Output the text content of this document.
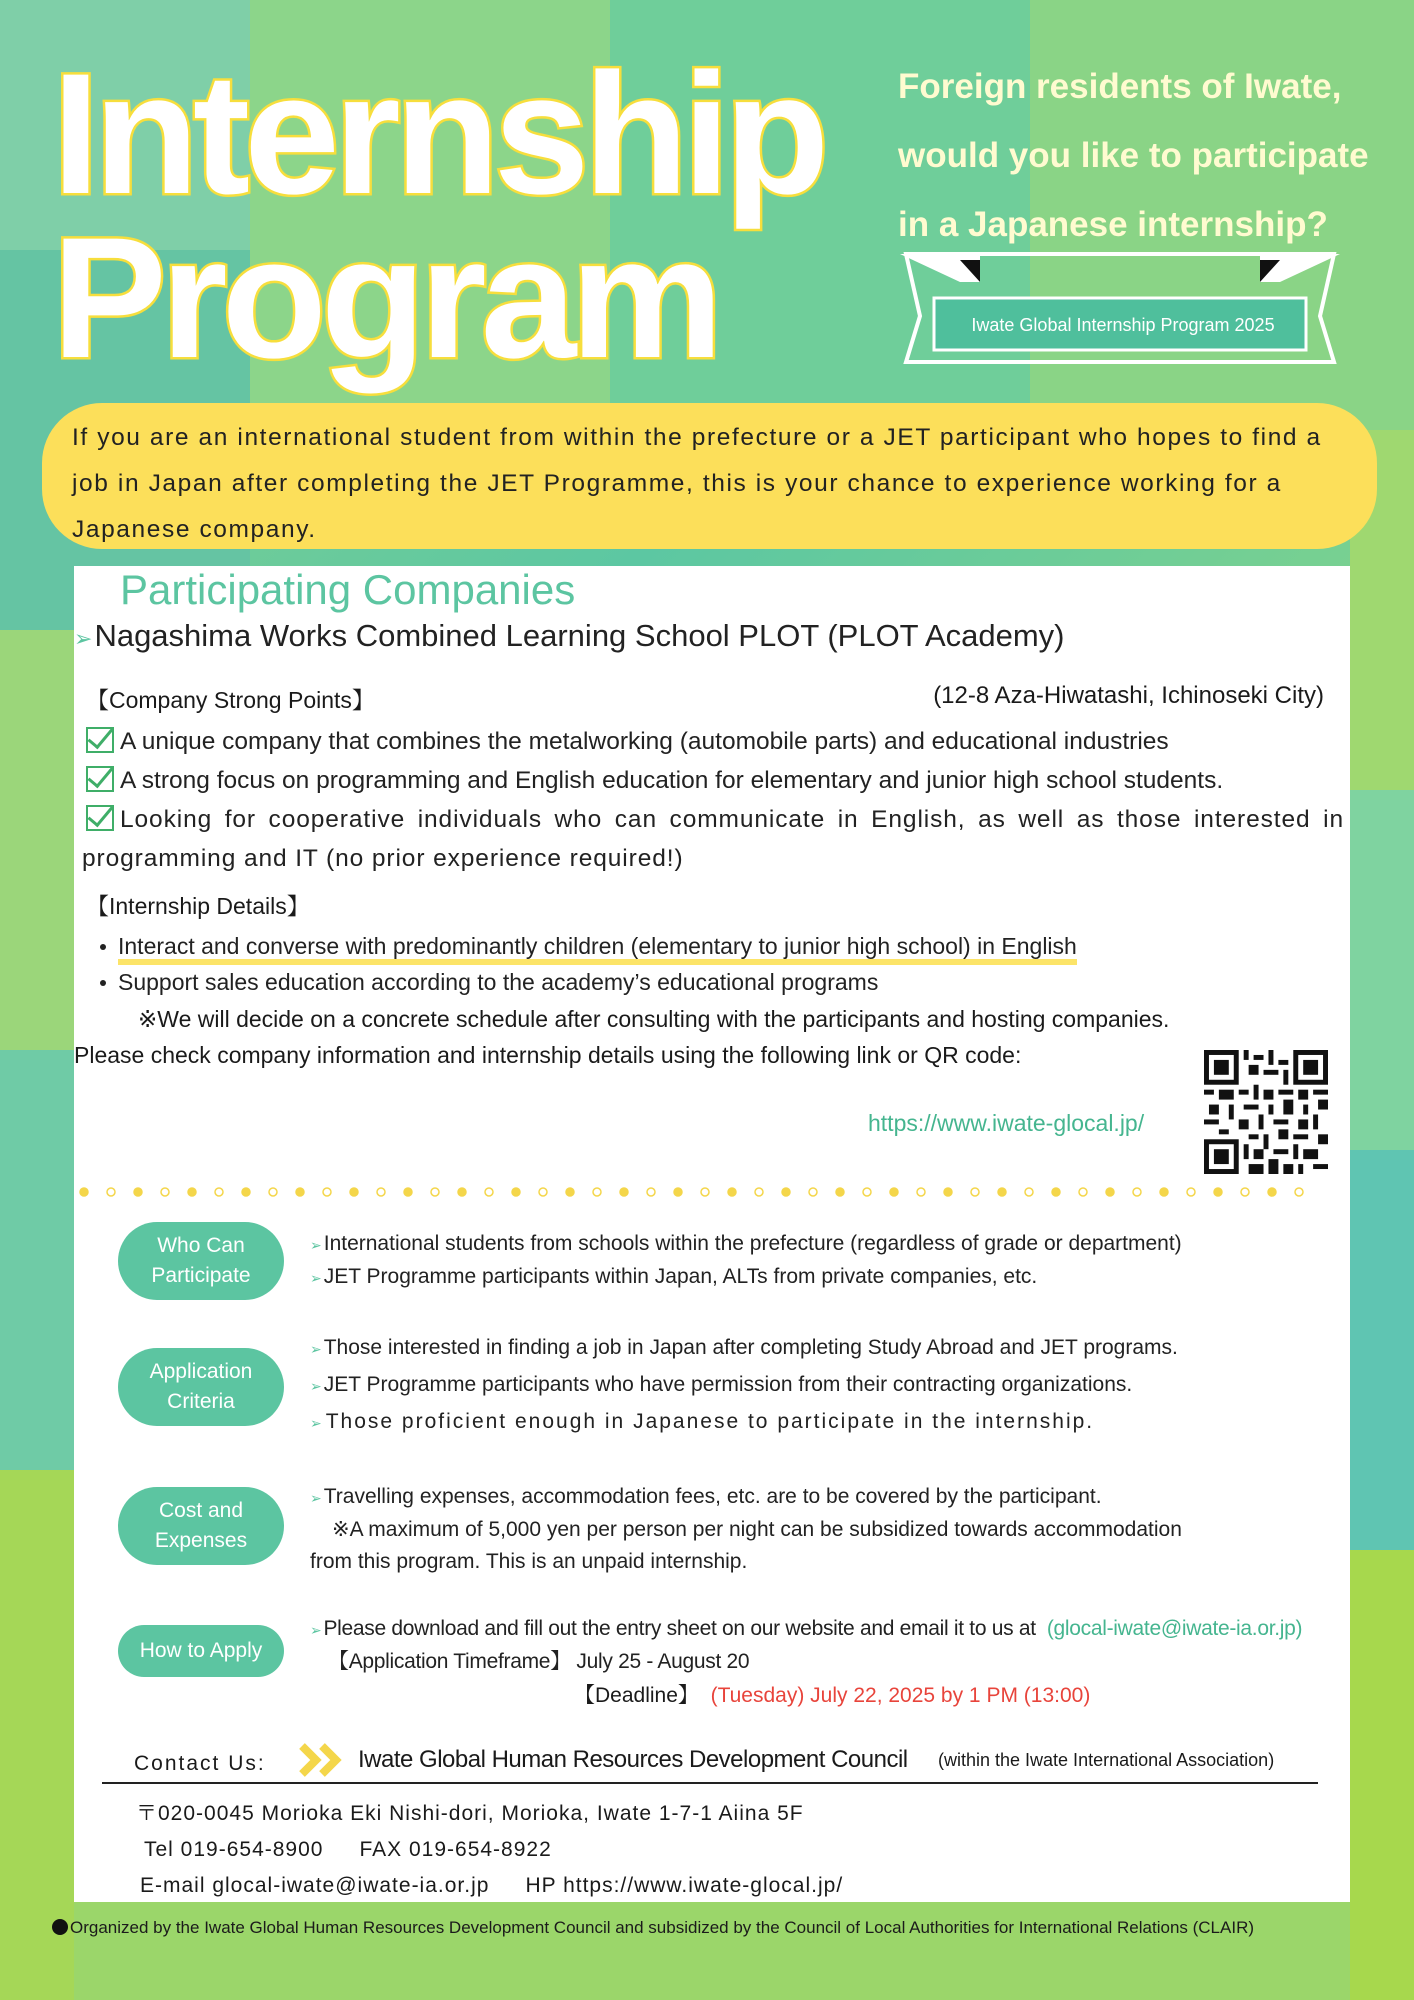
Internship
Program
Foreign residents of Iwate, would you like to participate in a Japanese internship?
Iwate Global Internship Program 2025
If you are an international student from within the prefecture or a JET participant who hopes to find a job in Japan after completing the JET Programme, this is your chance to experience working for a Japanese company.
Participating Companies
➢Nagashima Works Combined Learning School PLOT (PLOT Academy)
【Company Strong Points】	(12-8 Aza-Hiwatashi, Ichinoseki City)
A unique company that combines the metalworking (automobile parts) and educational industries
A strong focus on programming and English education for elementary and junior high school students.
Looking for cooperative individuals who can communicate in English, as well as those interested in programming and IT (no prior experience required!)
【Internship Details】
Interact and converse with predominantly children (elementary to junior high school) in English
Support sales education according to the academy’s educational programs
※We will decide on a concrete schedule after consulting with the participants and hosting companies.
Please check company information and internship details using the following link or QR code:
https://www.iwate-glocal.jp/
Who Can Participate
➢International students from schools within the prefecture (regardless of grade or department)
➢JET Programme participants within Japan, ALTs from private companies, etc.
Application Criteria
➢Those interested in finding a job in Japan after completing Study Abroad and JET programs.
➢JET Programme participants who have permission from their contracting organizations.
➢Those proficient enough in Japanese to participate in the internship.
Cost and Expenses
➢Travelling expenses, accommodation fees, etc. are to be covered by the participant.
※A maximum of 5,000 yen per person per night can be subsidized towards accommodation
from this program. This is an unpaid internship.
How to Apply
➢Please download and fill out the entry sheet on our website and email it to us at (glocal-iwate@iwate-ia.or.jp)
【Application Timeframe】 July 25 - August 20
【Deadline】 (Tuesday) July 22, 2025 by 1 PM (13:00)
Contact Us:	Iwate Global Human Resources Development Council (within the Iwate International Association)
〒020-0045 Morioka Eki Nishi-dori, Morioka, Iwate 1-7-1 Aiina 5F
Tel 019-654-8900 FAX 019-654-8922
E-mail glocal-iwate@iwate-ia.or.jp HP https://www.iwate-glocal.jp/
Organized by the Iwate Global Human Resources Development Council and subsidized by the Council of Local Authorities for International Relations (CLAIR)
